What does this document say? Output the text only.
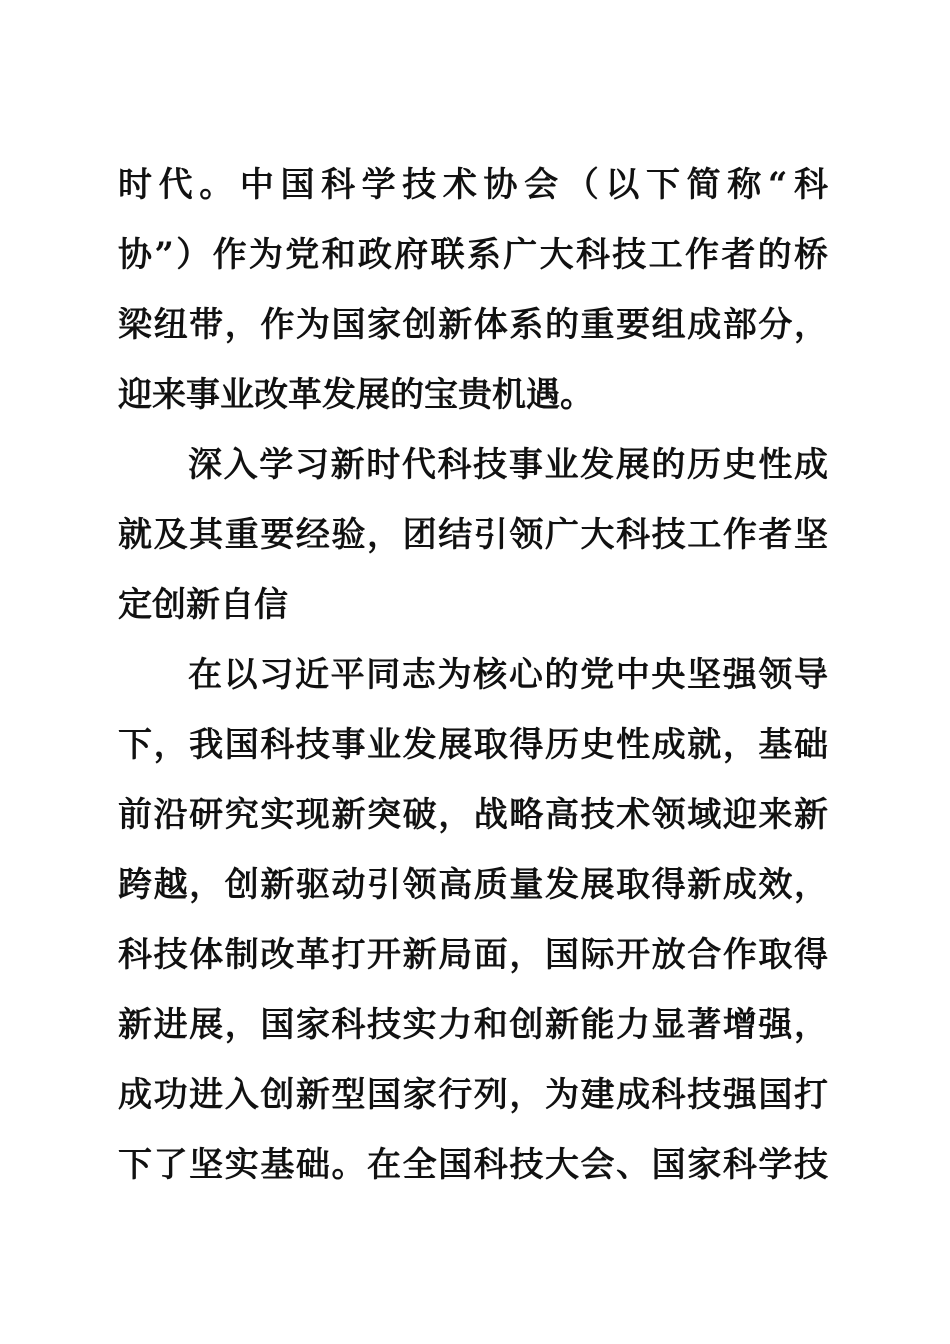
时代。中国科学技术协会（以下简称“科
协”）作为党和政府联系广大科技工作者的桥
梁纽带，作为国家创新体系的重要组成部分，
迎来事业改革发展的宝贵机遇。
深入学习新时代科技事业发展的历史性成
就及其重要经验，团结引领广大科技工作者坚
定创新自信
在以习近平同志为核心的党中央坚强领导
下，我国科技事业发展取得历史性成就，基础
前沿研究实现新突破，战略高技术领域迎来新
跨越，创新驱动引领高质量发展取得新成效，
科技体制改革打开新局面，国际开放合作取得
新进展，国家科技实力和创新能力显著增强，
成功进入创新型国家行列，为建成科技强国打
下了坚实基础。在全国科技大会、国家科学技
